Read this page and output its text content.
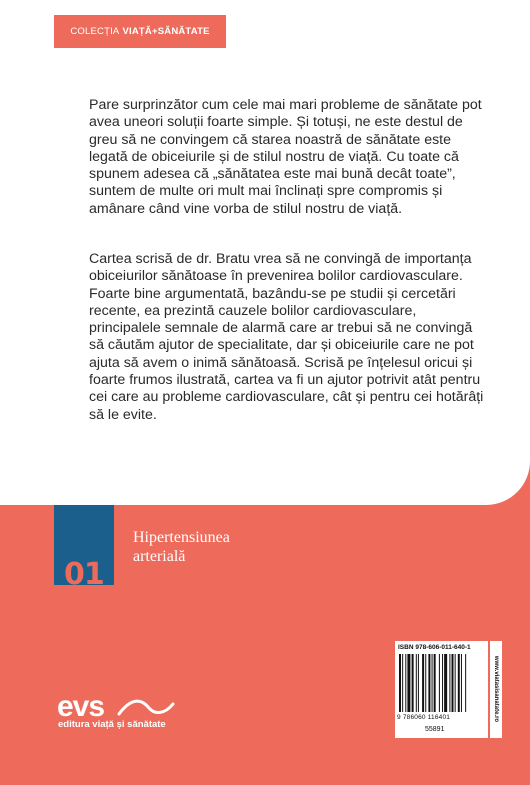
COLECȚIA VIAȚĂ+SĂNĂTATE

Pare surprinzător cum cele mai mari probleme de sănătate pot avea uneori soluții foarte simple. Și totuși, ne este destul de greu să ne convingem că starea noastră de sănătate este legată de obiceiurile și de stilul nostru de viață. Cu toate că spunem adesea că „sănătatea este mai bună decât toate”, suntem de multe ori mult mai înclinați spre compromis și amânare când vine vorba de stilul nostru de viață.

Cartea scrisă de dr. Bratu vrea să ne convingă de importanța obiceiurilor sănătoase în prevenirea bolilor cardiovasculare. Foarte bine argumentată, bazându-se pe studii și cercetări recente, ea prezintă cauzele bolilor cardiovasculare, principalele semnale de alarmă care ar trebui să ne convingă să căutăm ajutor de specialitate, dar și obiceiurile care ne pot ajuta să avem o inimă sănătoasă. Scrisă pe înțelesul oricui și foarte frumos ilustrată, cartea va fi un ajutor potrivit atât pentru cei care au probleme cardiovasculare, cât și pentru cei hotărâți să le evite.

01
Hipertensiunea
arterială
evs
editura viață și sănătate
ISBN 978-606-011-640-1
9 786060 116401	www.viatasisanatate.ro
55891
